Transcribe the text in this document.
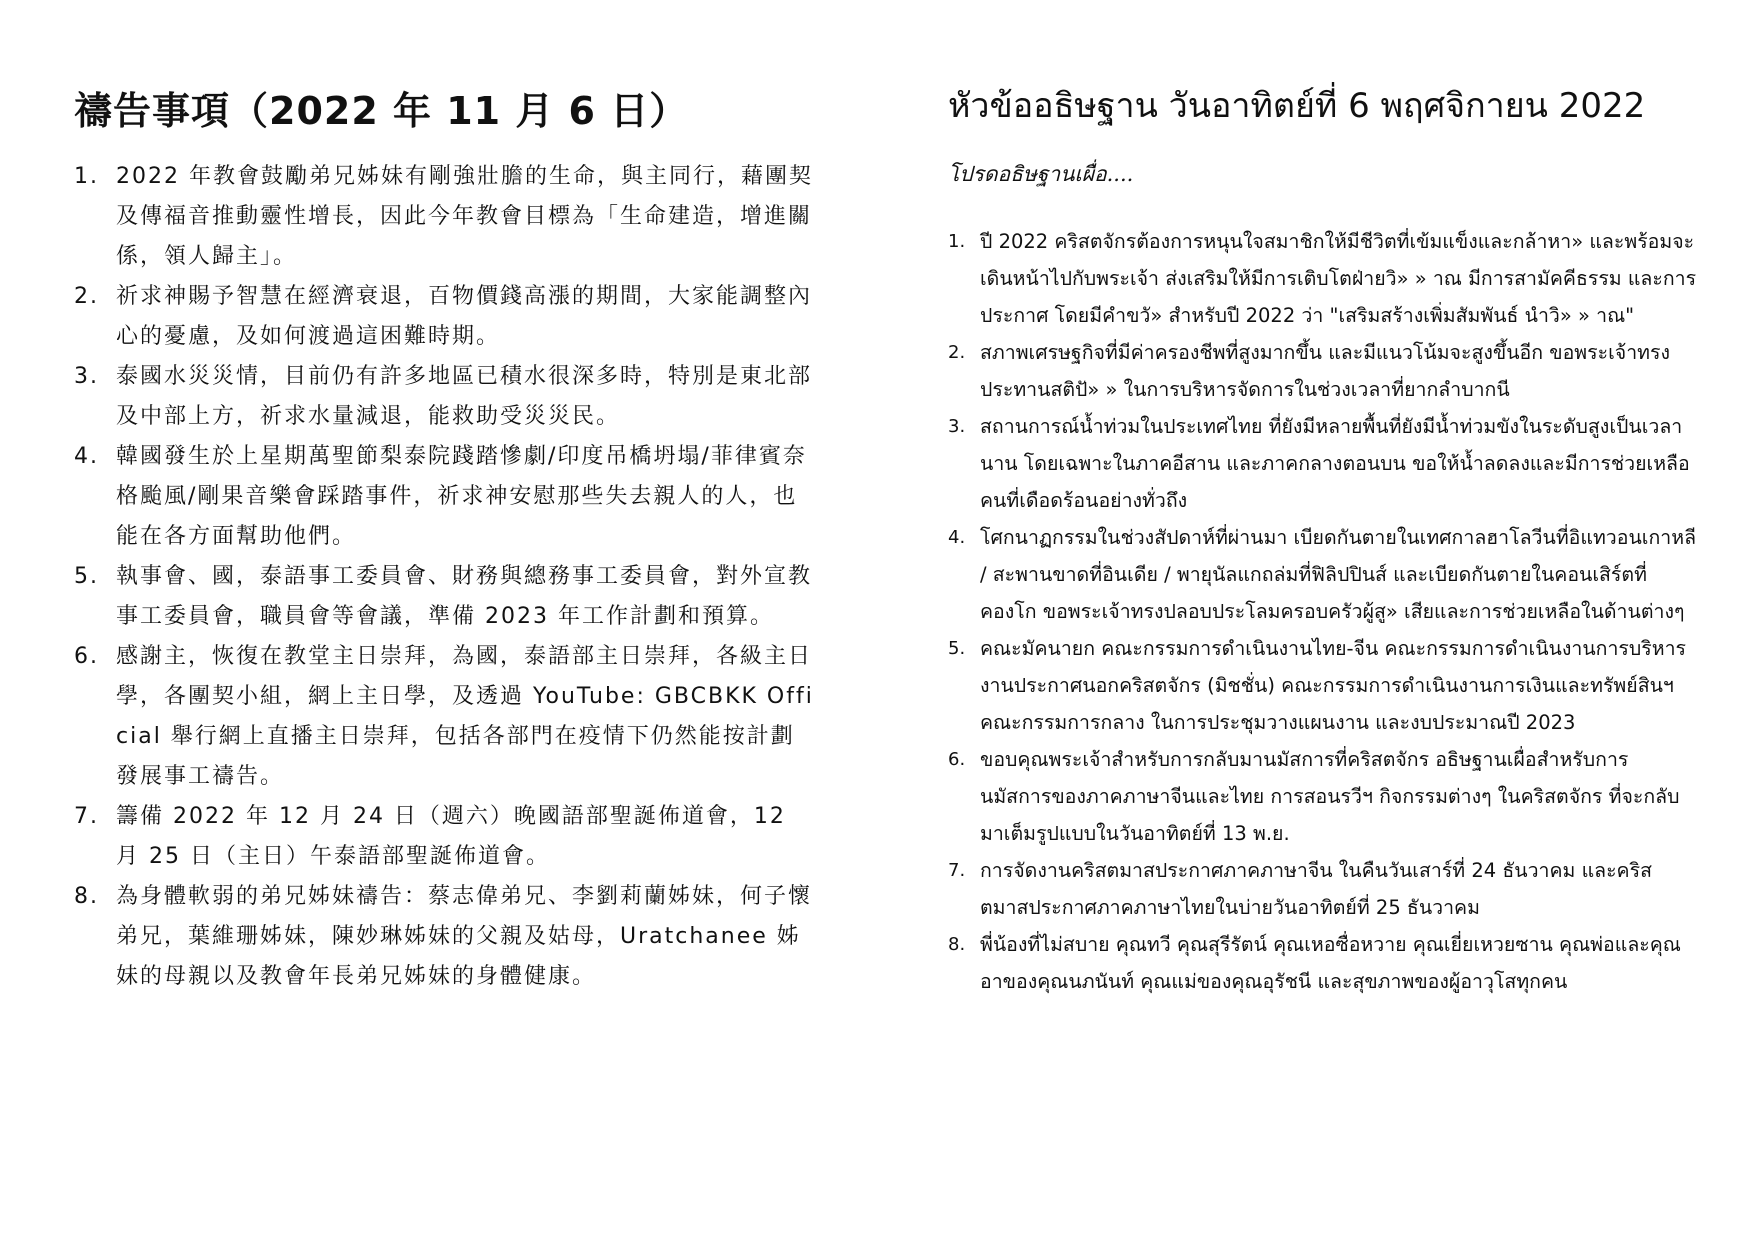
禱告事項（2022 年 11 月 6 日）
1. 2022 年教會鼓勵弟兄姊妹有剛強壯膽的生命，與主同行，藉團契及傳福音推動靈性增長，因此今年教會目標為「生命建造，增進關係，領人歸主」。
2. 祈求神賜予智慧在經濟衰退，百物價錢高漲的期間，大家能調整內心的憂慮，及如何渡過這困難時期。
3. 泰國水災災情，目前仍有許多地區已積水很深多時，特別是東北部及中部上方，祈求水量減退，能救助受災災民。
4. 韓國發生於上星期萬聖節梨泰院踐踏慘劇/印度吊橋坍塌/菲律賓奈格颱風/剛果音樂會踩踏事件，祈求神安慰那些失去親人的人，也能在各方面幫助他們。
5. 執事會、國，泰語事工委員會、財務與總務事工委員會，對外宣教事工委員會，職員會等會議，準備 2023 年工作計劃和預算。
6. 感謝主，恢復在教堂主日崇拜，為國，泰語部主日崇拜，各級主日學，各團契小組，網上主日學，及透過 YouTube: GBCBKK Official 舉行網上直播主日崇拜，包括各部門在疫情下仍然能按計劃發展事工禱告。
7. 籌備 2022 年 12 月 24 日（週六）晚國語部聖誕佈道會，12 月 25 日（主日）午泰語部聖誕佈道會。
8. 為身體軟弱的弟兄姊妹禱告：蔡志偉弟兄、李劉莉蘭姊妹，何子懷弟兄，葉維珊姊妹，陳妙琳姊妹的父親及姑母，Uratchanee 姊妹的母親以及教會年長弟兄姊妹的身體健康。
หัวข้ออธิษฐาน วันอาทิตย์ที่ 6 พฤศจิกายน 2022

โปรดอธิษฐานเผื่อ....

1. ปี 2022 คริสตจักรต้องการหนุนใจสมาชิกให้มีชีวิตที่เข้มแข็งและกล้าหา» และพร้อมจะเดินหน้าไปกับพระเจ้า ส่งเสริมให้มีการเติบโตฝ่ายวิ» » าณ มีการสามัคคีธรรม และการประกาศ โดยมีคำขวั» สำหรับปี 2022 ว่า "เสริมสร้างเพิ่มสัมพันธ์ นำวิ» » าณ"
2. สภาพเศรษฐกิจที่มีค่าครองชีพที่สูงมากขึ้น และมีแนวโน้มจะสูงขึ้นอีก ขอพระเจ้าทรงประทานสติปั» » ในการบริหารจัดการในช่วงเวลาที่ยากลำบากนี
3. สถานการณ์น้ำท่วมในประเทศไทย ที่ยังมีหลายพื้นที่ยังมีน้ำท่วมขังในระดับสูงเป็นเวลานาน โดยเฉพาะในภาคอีสาน และภาคกลางตอนบน ขอให้น้ำลดลงและมีการช่วยเหลือคนที่เดือดร้อนอย่างทั่วถึง
4. โศกนาฏกรรมในช่วงสัปดาห์ที่ผ่านมา เบียดกันตายในเทศกาลฮาโลวีนที่อิแทวอนเกาหลี / สะพานขาดที่อินเดีย / พายุนัลแกถล่มที่ฟิลิปปินส์ และเบียดกันตายในคอนเสิร์ตที่คองโก ขอพระเจ้าทรงปลอบประโลมครอบครัวผู้สู» เสียและการช่วยเหลือในด้านต่างๆ
5. คณะมัคนายก คณะกรรมการดำเนินงานไทย-จีน คณะกรรมการดำเนินงานการบริหารงานประกาศนอกคริสตจักร (มิชชั่น) คณะกรรมการดำเนินงานการเงินและทรัพย์สินฯ คณะกรรมการกลาง ในการประชุมวางแผนงาน และงบประมาณปี 2023
6. ขอบคุณพระเจ้าสำหรับการกลับมานมัสการที่คริสตจักร อธิษฐานเผื่อสำหรับการนมัสการของภาคภาษาจีนและไทย การสอนรวีฯ กิจกรรมต่างๆ ในคริสตจักร ที่จะกลับมาเต็มรูปแบบในวันอาทิตย์ที่ 13 พ.ย.
7. การจัดงานคริสตมาสประกาศภาคภาษาจีน ในคืนวันเสาร์ที่ 24 ธันวาคม และคริสตมาสประกาศภาคภาษาไทยในบ่ายวันอาทิตย์ที่ 25 ธันวาคม
8. พี่น้องที่ไม่สบาย คุณทวี คุณสุรีรัตน์ คุณเหอซื่อหวาย คุณเยี่ยเหวยซาน คุณพ่อและคุณอาของคุณนภนันท์ คุณแม่ของคุณอุรัชนี และสุขภาพของผู้อาวุโสทุกคน
